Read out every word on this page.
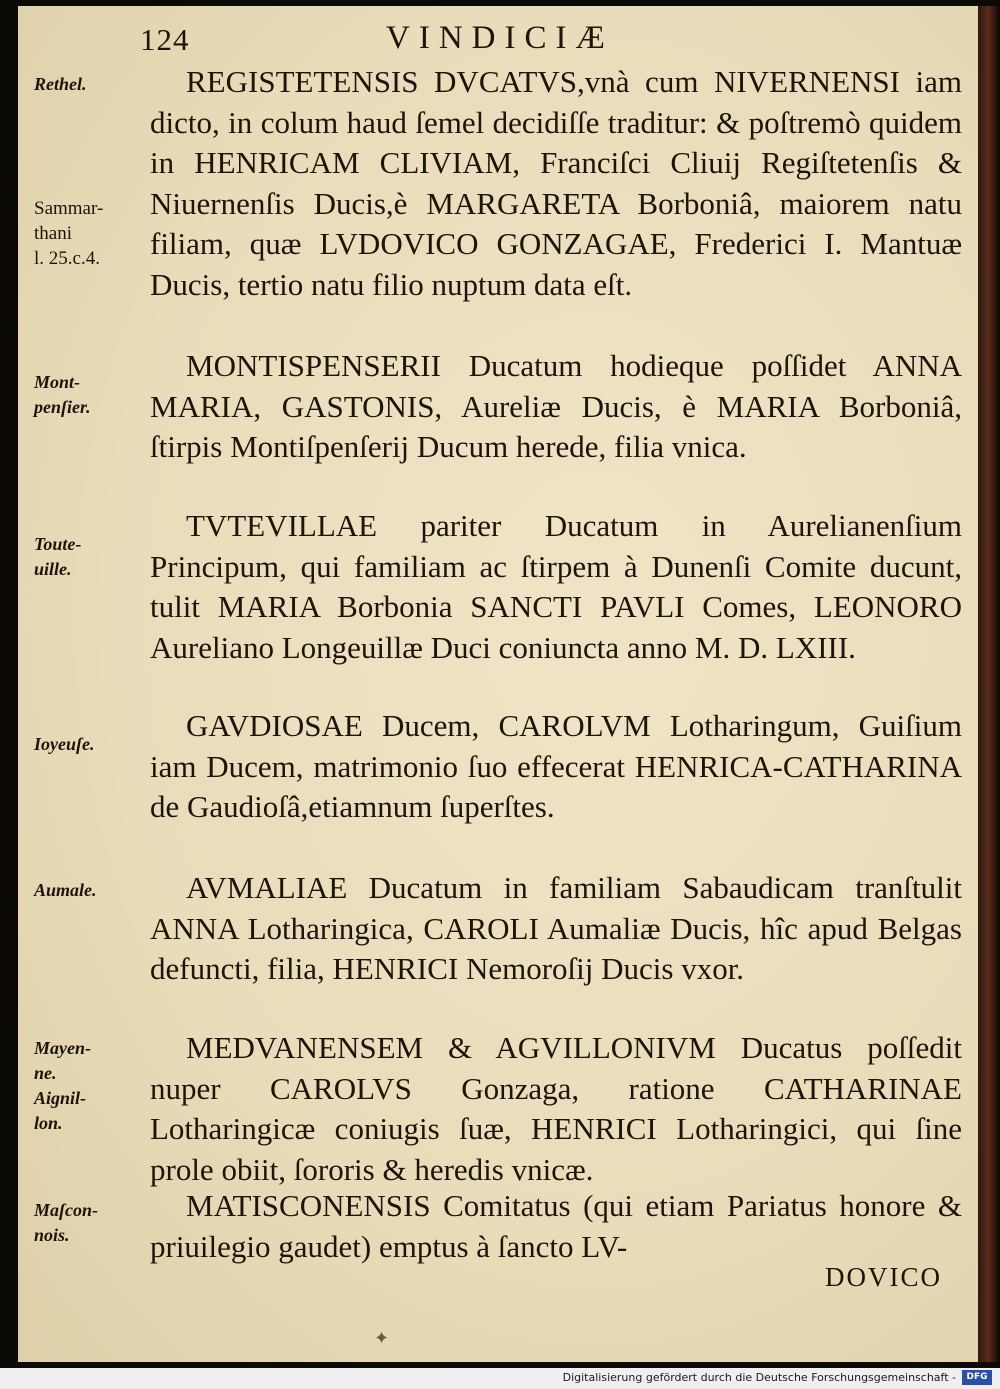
124	VINDICIÆ
Rethel.
Sammar-
thani
l. 25.c.4.
Mont-
penſier.
Toute-
uille.
Ioyeuſe.
Aumale.
Mayen-
ne.
Aignil-
lon.
Maſcon-
nois.

REGISTETENSIS DVCATVS,vnà cum NIVERNENSI iam dicto, in colum haud ſemel decidiſſe traditur: & poſtremò quidem in HENRICAM CLIVIAM, Franciſci Cliuij Regiſtetenſis & Niuernenſis Ducis,è MARGARETA Borboniâ, maiorem natu filiam, quæ LVDOVICO GONZAGAE, Frederici I. Mantuæ Ducis, tertio natu filio nuptum data eſt.

MONTISPENSERII Ducatum hodieque poſſidet ANNA MARIA, GASTONIS, Aureliæ Ducis, è MARIA Borboniâ, ſtirpis Montiſpenſerij Ducum herede, filia vnica.

TVTEVILLAE pariter Ducatum in Aurelianenſium Principum, qui familiam ac ſtirpem à Dunenſi Comite ducunt, tulit MARIA Borbonia SANCTI PAVLI Comes, LEONORO Aureliano Longeuillæ Duci coniuncta anno M. D. LXIII.

GAVDIOSAE Ducem, CAROLVM Lotharingum, Guiſium iam Ducem, matrimonio ſuo effecerat HENRICA-CATHARINA de Gaudioſâ,etiamnum ſuperſtes.

AVMALIAE Ducatum in familiam Sabaudicam tranſtulit ANNA Lotharingica, CAROLI Aumaliæ Ducis, hîc apud Belgas defuncti, filia, HENRICI Nemoroſij Ducis vxor.

MEDVANENSEM & AGVILLONIVM Ducatus poſſedit nuper CAROLVS Gonzaga, ratione CATHARINAE Lotharingicæ coniugis ſuæ, HENRICI Lotharingici, qui ſine prole obiit, ſororis & heredis vnicæ.

MATISCONENSIS Comitatus (qui etiam Pariatus honore & priuilegio gaudet) emptus à ſancto LV-

DOVICO
✦
Digitalisierung gefördert durch die Deutsche Forschungsgemeinschaft -	DFG
